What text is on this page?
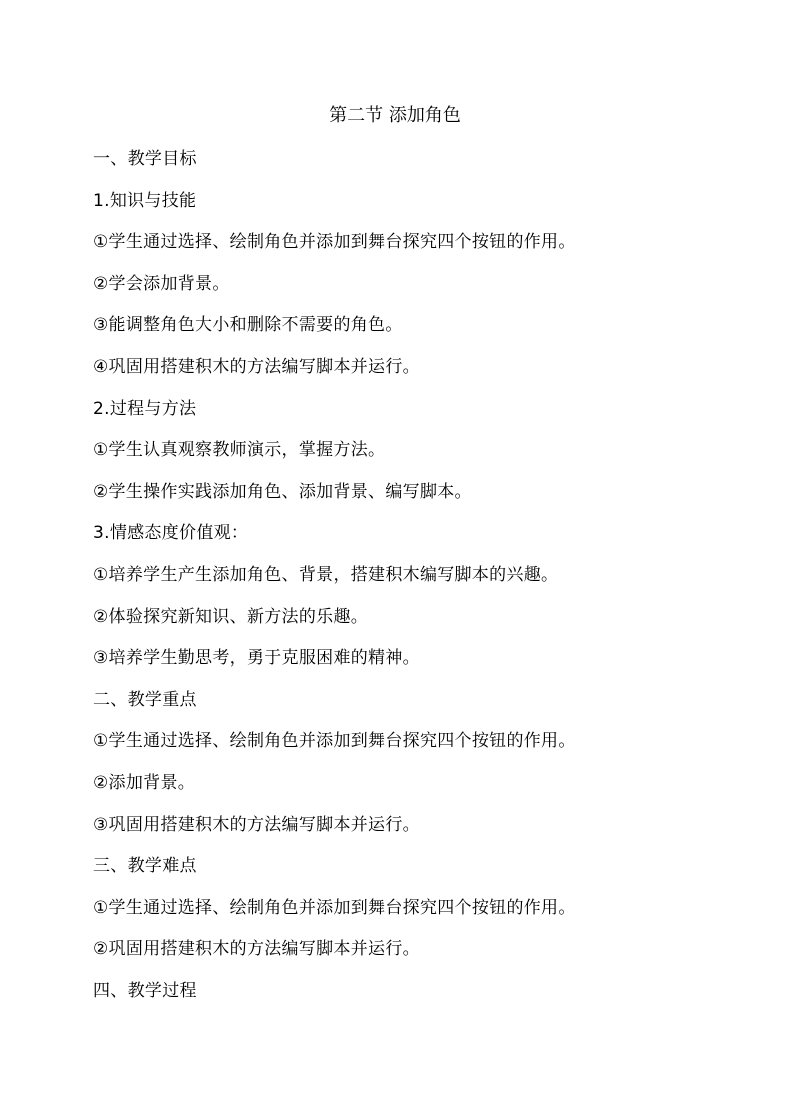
第二节 添加角色
一、教学目标
1.知识与技能
①学生通过选择、绘制角色并添加到舞台探究四个按钮的作用。
②学会添加背景。
③能调整角色大小和删除不需要的角色。
④巩固用搭建积木的方法编写脚本并运行。
2.过程与方法
①学生认真观察教师演示，掌握方法。
②学生操作实践添加角色、添加背景、编写脚本。
3.情感态度价值观：
①培养学生产生添加角色、背景，搭建积木编写脚本的兴趣。
②体验探究新知识、新方法的乐趣。
③培养学生勤思考，勇于克服困难的精神。
二、教学重点
①学生通过选择、绘制角色并添加到舞台探究四个按钮的作用。
②添加背景。
③巩固用搭建积木的方法编写脚本并运行。
三、教学难点
①学生通过选择、绘制角色并添加到舞台探究四个按钮的作用。
②巩固用搭建积木的方法编写脚本并运行。
四、教学过程
